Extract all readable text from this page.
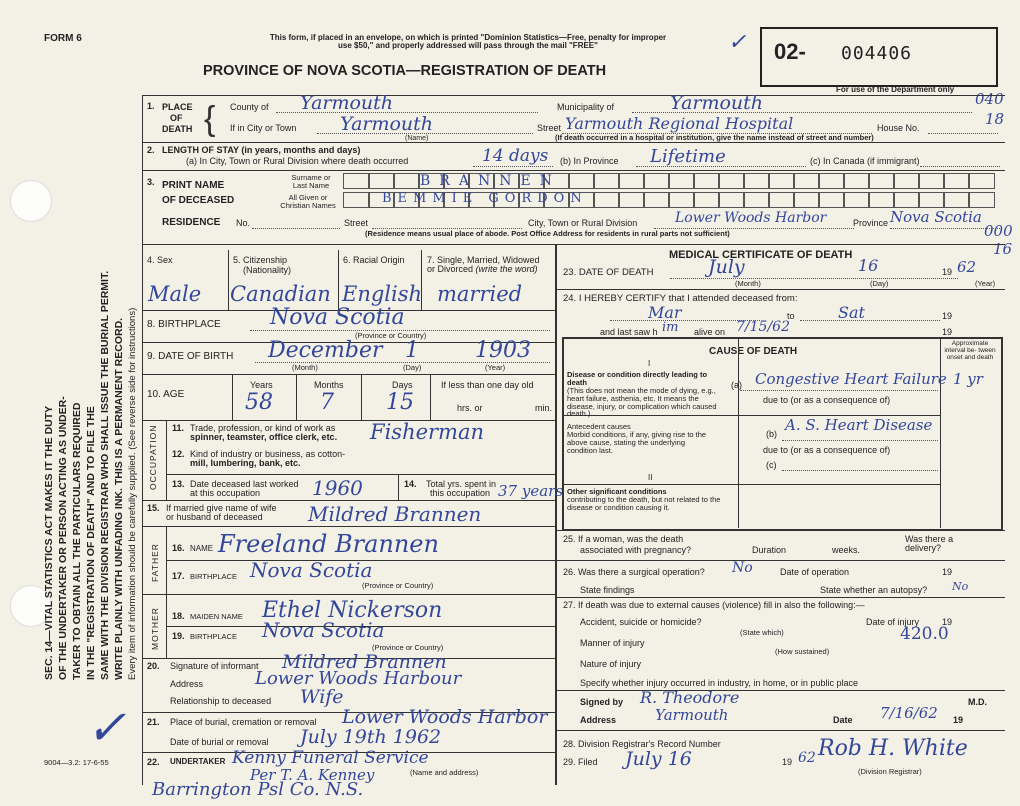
SEC. 14—VITAL STATISTICS ACT MAKES IT THE DUTY OF THE UNDERTAKER OR PERSON ACTING AS UNDER- TAKER TO OBTAIN ALL THE PARTICULARS REQUIRED IN THE "REGISTRATION OF DEATH" AND TO FILE THE SAME WITH THE DIVISION REGISTRAR WHO SHALL ISSUE THE BURIAL PERMIT. WRITE PLAINLY WITH UNFADING INK. THIS IS A PERMANENT RECORD. Every item of information should be carefully supplied. (See reverse side for instructions)
✓
FORM 6	This form, if placed in an envelope, on which is printed "Dominion Statistics—Free, penalty for improper
use $50," and properly addressed will pass through the mail "FREE"	✓
PROVINCE OF NOVA SCOTIA—REGISTRATION OF DEATH
02- 004406
For use of the Department only
040
18
000
16
1. PLACE
OF
DEATH { County of Yarmouth	Municipality of	Yarmouth
If in City or Town Yarmouth
(Name)
Street Yarmouth Regional Hospital	House No.
(If death occurred in a hospital or institution, give the name instead of street and number)
2. LENGTH OF STAY (in years, months and days)
(a) In City, Town or Rural Division where death occurred	14 days (b) In Province Lifetime	(c) In Canada (if immigrant)
3. PRINT NAME
OF DECEASED
Surname or Last Name
All Given or Christian Names
BRANNEN
BEMMIE GORDON
RESIDENCE No.	Street	City, Town or Rural Division	Lower Woods Harbor	Province Nova Scotia
(Residence means usual place of abode. Post Office Address for residents in rural parts not sufficient)
4. Sex	5. Citizenship
(Nationality)
6. Racial Origin 7. Single, Married, Widowed or Divorced (write the word)
Male Canadian English married
8. BIRTHPLACE Nova Scotia
(Province or Country)
9. DATE OF BIRTH December 1	1903
(Month)	(Day)	(Year)
10. AGE
Years	Months	Days
58 7 15
If less than one day old
hrs. or	min.
OCCUPATION 11. Trade, profession, or kind of work as
spinner, teamster, office clerk, etc. Fisherman
12. Kind of industry or business, as cotton-
mill, lumbering, bank, etc.
13. Date deceased last worked
at this occupation	1960	14. Total yrs. spent in
this occupation 37 years
15. If married give name of wife
or husband of deceased	Mildred Brannen
FATHER 16. NAME Freeland Brannen
17. BIRTHPLACE Nova Scotia
(Province or Country)
MOTHER 18. MAIDEN NAME Ethel Nickerson
19. BIRTHPLACE Nova Scotia
(Province or Country)
20. Signature of informant Mildred Brannen
Address	Lower Woods Harbour
Relationship to deceased Wife
21. Place of burial, cremation or removal Lower Woods Harbor
Date of burial or removal July 19th 1962
22. UNDERTAKER Kenny Funeral Service
(Name and address)
Per T. A. Kenney
Barrington Psl Co. N.S.
9004—3.2: 17-6-55
MEDICAL CERTIFICATE OF DEATH
23. DATE OF DEATH	July	16	19 62
(Month)	(Day)	(Year)
24. I HEREBY CERTIFY that I attended deceased from:
Mar	to	Sat	19
and last saw h im alive on 7/15/62	19
CAUSE OF DEATH
Approximate interval be- tween onset and death
I
Disease or condition directly leading to death
(This does not mean the mode of dying, e.g., heart failure, asthenia, etc. It means the disease, injury, or complication which caused death.)
(a) Congestive Heart Failure 1 yr
due to (or as a consequence of)
Antecedent causes
Morbid conditions, if any, giving rise to the above cause, stating the underlying condition last.
(b) A. S. Heart Disease
due to (or as a consequence of)
(c)
II
Other significant conditions
contributing to the death, but not related to the disease or condition causing it.
25. If a woman, was the death
associated with pregnancy?	Duration	weeks.
Was there a delivery?
26. Was there a surgical operation? No	Date of operation	19
State findings	State whether an autopsy? No
27. If death was due to external causes (violence) fill in also the following:—
Accident, suicide or homicide?	Date of injury	19
(State which)	420.0
Manner of injury
(How sustained)
Nature of injury
Specify whether injury occurred in industry, in home, or in public place
Signed by R. Theodore	M.D.
Address	Yarmouth	Date 7/16/62 19
28. Division Registrar's Record Number
29. Filed July 16	19 62 Rob H. White
(Division Registrar)
